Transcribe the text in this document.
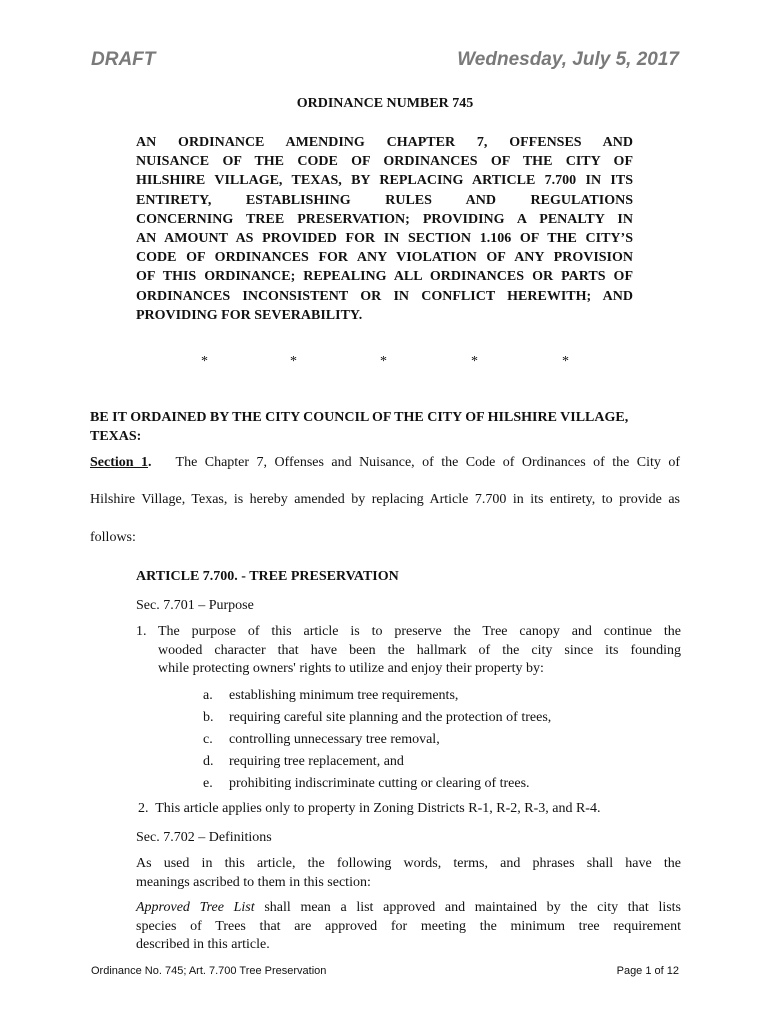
DRAFT	Wednesday, July 5, 2017
ORDINANCE NUMBER 745
AN ORDINANCE AMENDING CHAPTER 7, OFFENSES AND
NUISANCE OF THE CODE OF ORDINANCES OF THE CITY OF
HILSHIRE VILLAGE, TEXAS, BY REPLACING ARTICLE 7.700 IN ITS
ENTIRETY, ESTABLISHING RULES AND REGULATIONS
CONCERNING TREE PRESERVATION; PROVIDING A PENALTY IN
AN AMOUNT AS PROVIDED FOR IN SECTION 1.106 OF THE CITY’S
CODE OF ORDINANCES FOR ANY VIOLATION OF ANY PROVISION
OF THIS ORDINANCE; REPEALING ALL ORDINANCES OR PARTS OF
ORDINANCES INCONSISTENT OR IN CONFLICT HEREWITH; AND
PROVIDING FOR SEVERABILITY.
*	*	*	*	*
BE IT ORDAINED BY THE CITY COUNCIL OF THE CITY OF HILSHIRE VILLAGE,
TEXAS:
Section 1. The Chapter 7, Offenses and Nuisance, of the Code of Ordinances of the City of
Hilshire Village, Texas, is hereby amended by replacing Article 7.700 in its entirety, to provide as
follows:
ARTICLE 7.700. - TREE PRESERVATION
Sec. 7.701 – Purpose
1. The purpose of this article is to preserve the Tree canopy and continue the
wooded character that have been the hallmark of the city since its founding
while protecting owners' rights to utilize and enjoy their property by:
a.	establishing minimum tree requirements,
b.	requiring careful site planning and the protection of trees,
c.	controlling unnecessary tree removal,
d.	requiring tree replacement, and
e.	prohibiting indiscriminate cutting or clearing of trees.
2.  This article applies only to property in Zoning Districts R-1, R-2, R-3, and R-4.
Sec. 7.702 – Definitions
As used in this article, the following words, terms, and phrases shall have the
meanings ascribed to them in this section:
Approved Tree List shall mean a list approved and maintained by the city that lists
species of Trees that are approved for meeting the minimum tree requirement
described in this article.
Ordinance No. 745; Art. 7.700 Tree Preservation	Page 1 of 12
